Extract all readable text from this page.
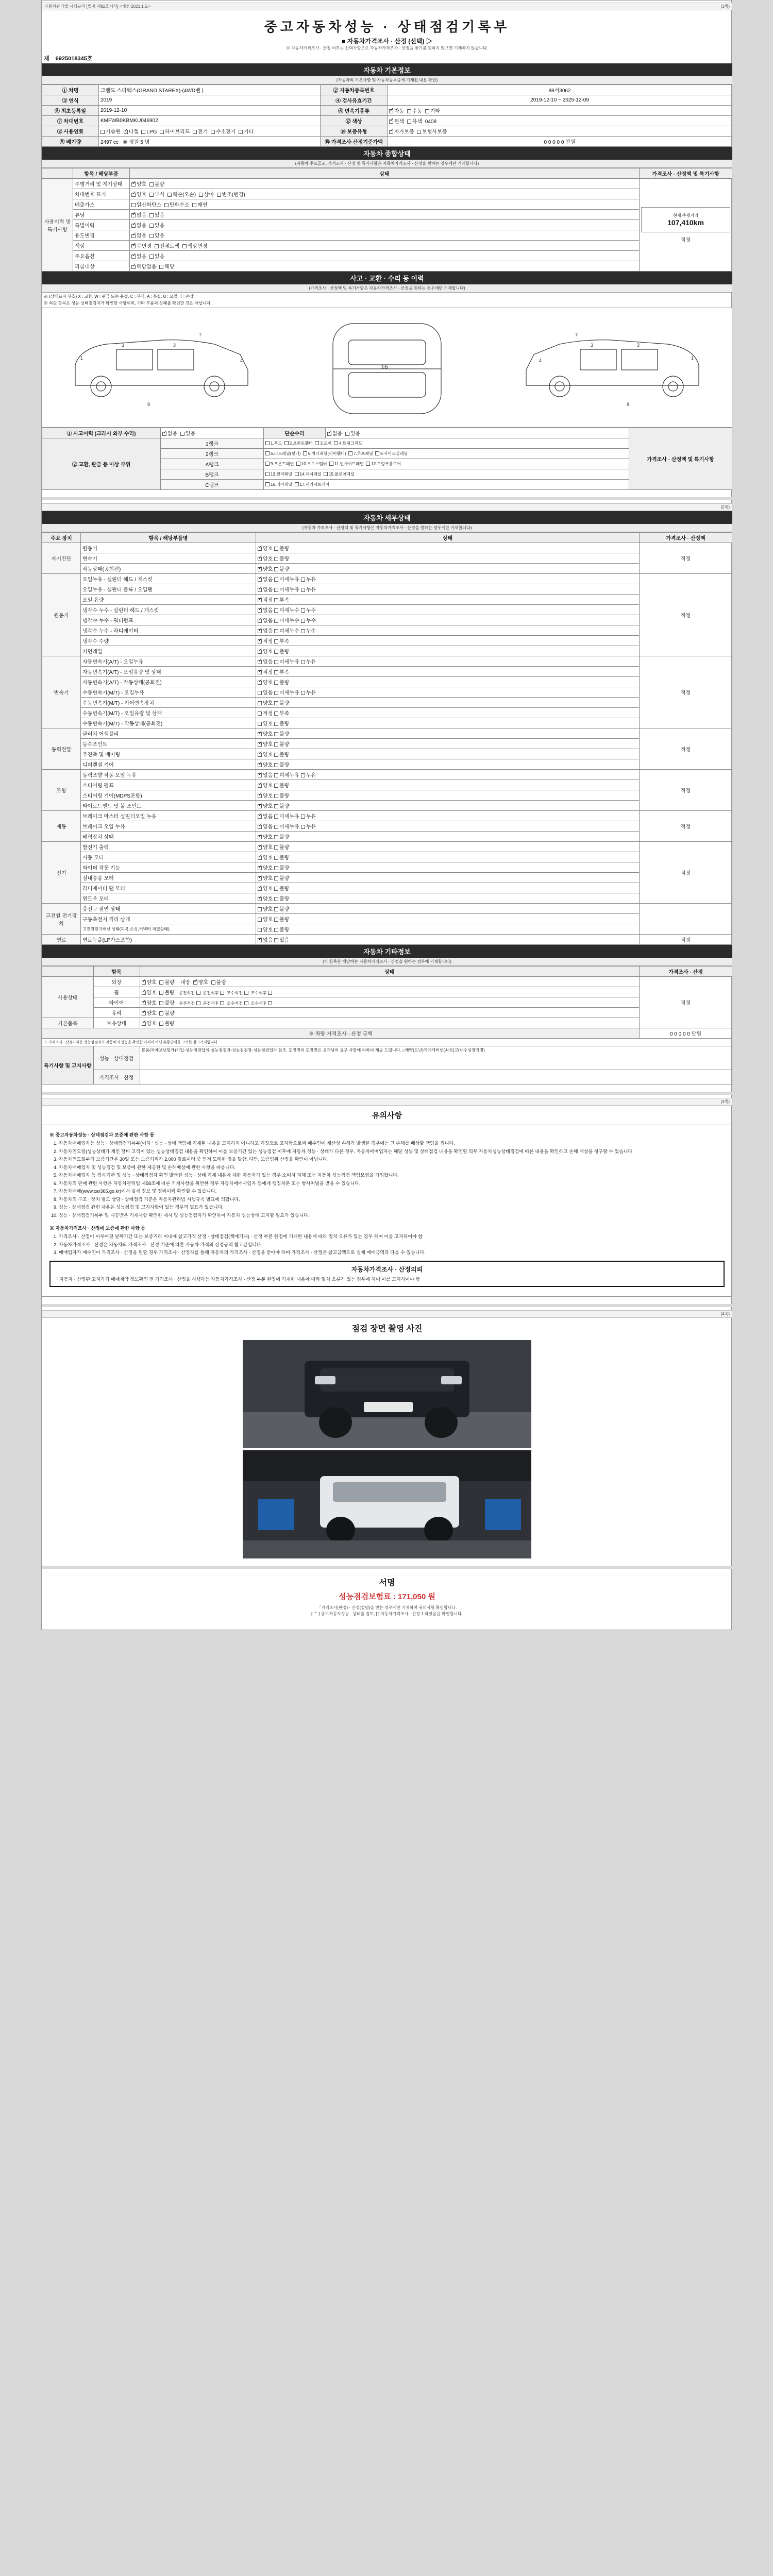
자동차관리법 시행규칙 [별지 제82호서식] <개정 2021.1.5.>	(1쪽)
중고자동차성능 · 상태점검기록부
■ 자동차가격조사 · 산정 (선택) ▷
※ 자동차가격조사 · 산정 여부는 선택사항으로 자동차가격조사 · 산정을 받기를 원하지 않으면 기재하지 않습니다.
제	6925018345호
자동차 기본정보
(자동차의 기본사항 및 자동차등록증에 기재된 내용 확인)
① 차명	그랜드 스타렉스(GRAND STAREX)-(4WD밴 )	② 자동차등록번호	88서3062
③ 연식	2019	④ 검사유효기간	2019-12-10 ~ 2025-12-09
⑤ 최초등록일	2019-12-10	⑥ 변속기종류	✓자동 수동 기타
⑦ 차대번호	KMFWB0KBMKU046902	⑫ 색상	✓원색 유색 0408
⑧ 사용연료	가솔린 ✓ 디젤 LPG 하이브리드 전기 수소전기 기타	⑭ 보증유형	✓자가보증 보험사보증
⑨ 배기량	2497 cc ⑩ 정원 5 명	⑮ 가격조사·산정기준가액	0 0 0 0 0 만원
자동차 종합상태
(자동차 주요골조, 가격조사 · 산정 및 특기사항은 자동차가격조사 · 산정을 원하는 경우에만 기재합니다)
	항목 / 해당부품	상태	가격조사 · 산정액 및 특기사항
사용이력 및 특기사항	주행거리 및 계기상태	✓양호 불량	현재 주행거리
107,410km
적정

	차대번호 표기	✓양호 부식 훼손(오손) 상이 변조(변경)
	배출가스	일산화탄소 탄화수소 매연	
	튜닝	✓없음 있음
	특별이력	✓없음 있음
	용도변경	✓없음 있음
	색상	✓무변경 전체도색 색상변경
	주요옵션	✓없음 있음
	리콜대상	✓해당없음 해당
사고 · 교환 · 수리 등 이력
(가격조사 · 산정액 및 특기사항은 자동차가격조사 · 산정을 원하는 경우에만 기재합니다)
※ (상태표시 부호) X : 교환, W : 판금 또는 용접, C : 부식, A : 흠집, U : 요철, T : 손상
※ 하단 항목은 성능·상태점검자가 확인한 사항이며, 기타 부품의 상태를 확인한 것은 아닙니다.
16
1
3	3
4
8
7
1
3
3
4
8
7
① 사고이력 (크라시 외부 수리)	✓없음 있음	단순수리	✓없음 있음	가격조사 · 산정액 및 특기사항
② 교환, 판금 등 이상 부위	1랭크	1.후드 2.프론트휀더 3.도어 4.트렁크리드		
	2랭크	5.러드패널(필러) 6.쿼터패널(리어휀더) 7.루프패널 8.사이드실패널		
	A랭크	9.프론트패널 10.크로스멤버 11.인사이드패널 12.트렁크플로어		
	B랭크	13.필러패널 14.대쉬패널 15.플로어패널		
	C랭크	16.리어패널 17.패키지트레이		
(2쪽)
자동차 세부상태
(자동차 가격조사 · 산정액 및 특기사항은 자동차가격조사 · 산정을 원하는 경우에만 기재합니다)
주요 장치	항목 / 해당부품명	상태	가격조사 · 산정액
자기진단	원동기	✓양호 불량	적정
	변속기	✓양호 불량
	작동상태(공회전)	✓양호 불량
원동기	오일누유 - 실린더 헤드 / 개스킷	✓없음 미세누유 누유	적정
	오일누유 - 실린더 블록 / 오일팬	✓없음 미세누유 누유
	오일 유량	✓적정 부족
	냉각수 누수 - 실린더 헤드 / 개스킷	✓없음 미세누수 누수
	냉각수 누수 - 워터펌프	✓없음 미세누수 누수
	냉각수 누수 - 라디에이터	✓없음 미세누수 누수
	냉각수 수량	✓적정 부족
	커먼레일	✓양호 불량
변속기	자동변속기(A/T) - 오일누유	✓없음 미세누유 누유	적정
	자동변속기(A/T) - 오일유량 및 상태	✓적정 부족
	자동변속기(A/T) - 작동상태(공회전)	✓양호 불량
	수동변속기(M/T) - 오일누유	없음 미세누유 누유	
	수동변속기(M/T) - 기어변속장치	양호 불량	
	수동변속기(M/T) - 오일유량 및 상태	적정 부족	
	수동변속기(M/T) - 작동상태(공회전)	양호 불량	
동력전달	클러치 어셈블리	✓양호 불량	적정
	등속조인트	✓양호 불량
	추진축 및 베어링	✓양호 불량
	디퍼렌셜 기어	✓양호 불량
조향	동력조향 작동 오일 누유	✓없음 미세누유 누유	적정
	스티어링 펌프	✓양호 불량
	스티어링 기어(MDPS포함)	✓양호 불량
	타이로드엔드 및 볼 조인트	✓양호 불량
제동	브레이크 마스터 실린더오일 누유	✓없음 미세누유 누유	적정
	브레이크 오일 누유	✓없음 미세누유 누유
	배력장치 상태	✓양호 불량
전기	발전기 출력	✓양호 불량	적정
	시동 모터	✓양호 불량
	와이퍼 작동 기능	✓양호 불량
	실내송풍 모터	✓양호 불량
	라디에이터 팬 모터	✓양호 불량
	윈도우 모터	✓양호 불량
고전원 전기장치	충전구 절연 상태	양호 불량	
	구동축전지 격리 상태	양호 불량	
	고전원전기배선 상태(피복,손상,커넥터 체결상태)	양호 불량	
연료	연료누출(LP가스포함)	✓없음 있음	적정
자동차 기타정보
(각 항목은 해당하는 자동차가격조사 · 산정을 원하는 경우에 기재합니다)
	항목	상태	가격조사 · 산정
사용상태	외장	✓양호 불량 내장 ✓ 양호 불량	적정
	휠	✓양호 불량 운전석전 운전석후 조수석전 조수석후
	타이어	✓양호 불량 운전석전 운전석후 조수석전 조수석후
	유리	✓양호 불량
기본품목	보유상태	✓양호 불량
※ 차량 가격조사 · 산정 금액			0 0 0 0 0 만원
※ 가격조사 · 산정가격은 성능점검자가 자동차의 성능을 확인한 가격이 아닌 유통단계를 고려한 참고가격입니다.			
특기사항 및 고지사항	성능 · 상태점검	본품(차체보닛덮개)기입-성능점검업체-성능점검자-성능점검장-성능점검업자 참조. 도장면의 도장면은 고객님의 요구 사항에 의하여 제공 드립니다. □계약(도난)기계캐비넷(최신)고(내수성장기명)	
	가격조사 · 산정		
(3쪽)
유의사항

※ 중고자동차성능 · 상태점검과 보증에 관한 사항 등

1. 자동차매매업자는 성능 · 상태점검기록부(이하 ' 성능 · 상태 책임에 기재된 내용을 고지하지 아니하고 거짓으로 고지함으로써 매수인에 재산상 손해가 발생한 경우에는 그 손해를 배상할 책임을 집니다.
2. 자동차인도일(성능상태가 개인 장비 고객이 있는 성능상태점검 내용을 확인하여 이를 보증기간 있는 성능점검 이후에 자동차 성능 · 상태가 다른 경우, 자동차매매업자는 해당 성능 및 상태점검 내용을 확인할 의무 자동차성능상태점검에 따른 내용을 확인하고 손해 배상을 청구할 수 있습니다.
3. 자동차인도일부터 보증기간은 30일 또는 보증거리가 2,000 킬로미터 중 먼저 도래한 것을 말함. 다만, 보증범위 산정을 확인이 아닙니다.
4. 자동차매매업자 및 성능점검 및 보증에 관한 제공한 및 손해배상에 관한 사항을 따릅니다.
5. 자동차매매업자 등 검사기관 및 성능 · 상태점검자 확인 발급한 성능 · 상태 기재 내용에 대한 자동차가 있는 경우 소비자 피해 또는 자동차 성능점검 책임보험을 가입합니다.
6. 자동차의 판매 관련 사항은 자동차관리법 제58조에 따른 기재사항을 위반한 경우 자동차매매사업자 등에게 행정처분 또는 형사처벌을 받을 수 있습니다.
7. 자동차매매(www.car365.go.kr)에서 실제 정보 및 정비이력 확인할 수 있습니다.
8. 자동차의 구조 · 장치 별도 상당 · 상태점검 기준은 자동차관리법 시행규칙 별표에 의합니다.
9. 성능 · 상태점검 관련 내용은 성능점검 및 고지사항이 있는 경우의 필요가 있습니다.
10. 성능 · 상태점검기록부 및 제공받은 기재사항 확인한 제시 및 성능점검자가 확인하여 자동차 성능상태 고지할 필요가 있습니다.

※ 자동차가격조사 · 산정에 보증에 관한 사항 등

1. 가격조사 · 산정이 이루어진 날짜기간 또는 보증거리 이내에 참고가격 산정 · 상태점검(책에기재) · 산정 부분 한정에 기재한 내용에 따라 일치 오류가 있는 경우 하여 이를 고지하여야 함
2. 자동차가격조사 · 산정은 자동차의 가격조사 · 산정 기준에 따른 자동차 가격의 산정금액 참고값입니다.
3. 매매업자가 매수인이 가격조사 · 산정을 원할 경우 가격조사 · 산정자를 통해 자동차의 가격조사 · 산정을 받아야 하며 가격조사 · 산정은 참고금액으로 실제 매매금액과 다를 수 있습니다.
자동차가격조사 · 산정의뢰
「자동차 · 산정판 고지가기 매매계약 정보확인 전 가격조사 · 산정을 시행하는 자동차가격조사 · 산정 부분 한정에 기재한 내용에 따라 일치 오류가 있는 경우에 하여 이를 고지하여야 함
(4쪽)
점검 장면 촬영 사진
서명
성능점검보험료 : 171,050 원
「가격조사(판정) · 산정(설명)을 받는 경우에만 기재하며 유의사항 확인합니다.
[ ᄉ ] 중고자동차성능 · 상태를 검토, [ ] 자동차가격조사 · 산정 1 하였음을 확인합니다.
